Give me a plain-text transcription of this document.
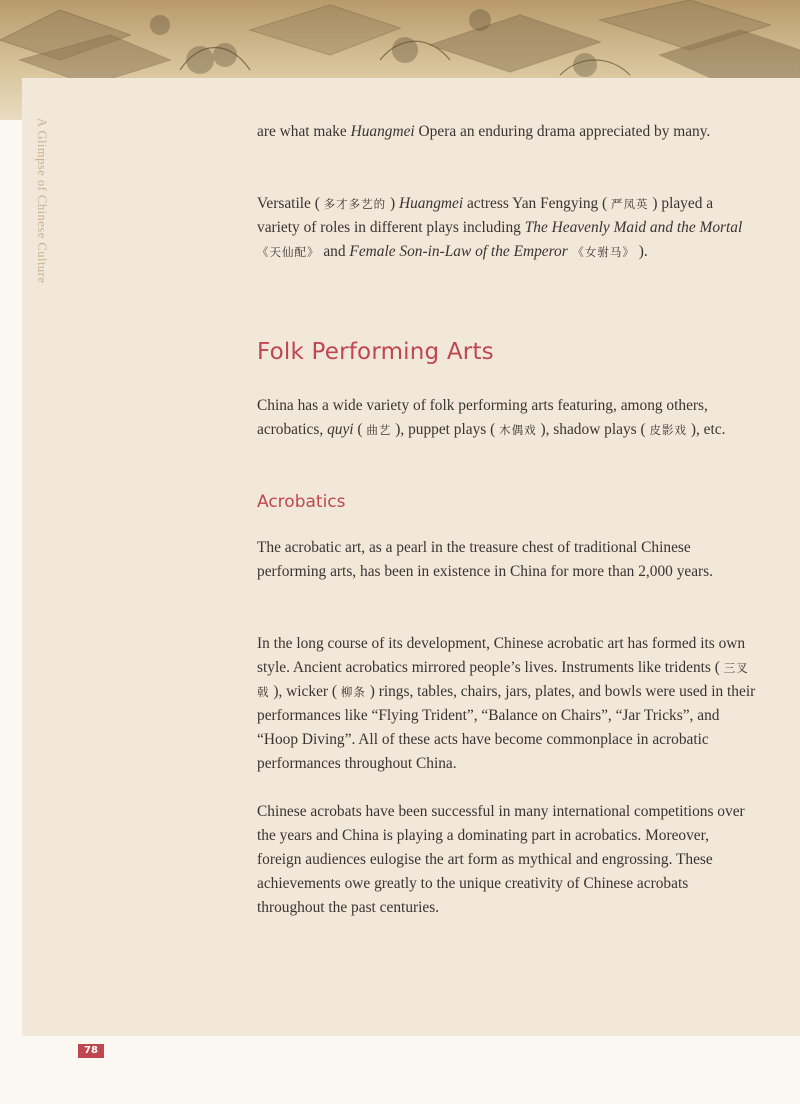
A Glimpse of Chinese Culture	are what make Huangmei Opera an enduring drama appreciated by many.

Versatile ( 多才多艺的 ) Huangmei actress Yan Fengying ( 严凤英 ) played a variety of roles in different plays including The Heavenly Maid and the Mortal 《天仙配》 and Female Son-in-Law of the Emperor 《女驸马》 ).

Folk Performing Arts

China has a wide variety of folk performing arts featuring, among others, acrobatics, quyi ( 曲艺 ), puppet plays ( 木偶戏 ), shadow plays ( 皮影戏 ), etc.

Acrobatics

The acrobatic art, as a pearl in the treasure chest of traditional Chinese performing arts, has been in existence in China for more than 2,000 years.

In the long course of its development, Chinese acrobatic art has formed its own style. Ancient acrobatics mirrored people’s lives. Instruments like tridents ( 三叉戟 ), wicker ( 柳条 ) rings, tables, chairs, jars, plates, and bowls were used in their performances like “Flying Trident”, “Balance on Chairs”, “Jar Tricks”, and “Hoop Diving”. All of these acts have become commonplace in acrobatic performances throughout China.

Chinese acrobats have been successful in many international competitions over the years and China is playing a dominating part in acrobatics. Moreover, foreign audiences eulogise the art form as mythical and engrossing. These achievements owe greatly to the unique creativity of Chinese acrobats throughout the past centuries.

78
